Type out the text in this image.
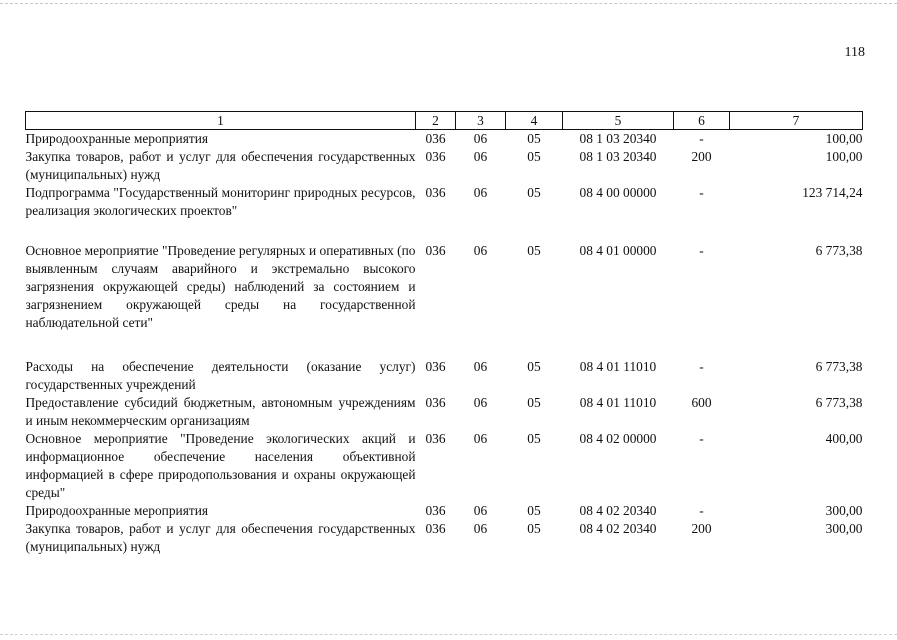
118
1	2	3	4	5	6	7
Природоохранные мероприятия	036	06	05	08 1 03 20340	-	100,00
Закупка товаров, работ и услуг для обеспечения государственных (муниципальных) нужд	036	06	05	08 1 03 20340	200	100,00
Подпрограмма "Государственный мониторинг природных ресурсов, реализация экологических проектов"	036	06	05	08 4 00 00000	-	123 714,24
Основное мероприятие "Проведение регулярных и оперативных (по выявленным случаям аварийного и экстремально высокого загрязнения окружающей среды) наблюдений за состоянием и загрязнением окружающей среды на государственной наблюдательной сети"	036	06	05	08 4 01 00000	-	6 773,38
Расходы на обеспечение деятельности (оказание услуг) государственных учреждений	036	06	05	08 4 01 11010	-	6 773,38
Предоставление субсидий бюджетным, автономным учреждениям и иным некоммерческим организациям	036	06	05	08 4 01 11010	600	6 773,38
Основное мероприятие "Проведение экологических акций и информационное обеспечение населения объективной информацией в сфере природопользования и охраны окружающей среды"	036	06	05	08 4 02 00000	-	400,00
Природоохранные мероприятия	036	06	05	08 4 02 20340	-	300,00
Закупка товаров, работ и услуг для обеспечения государственных (муниципальных) нужд	036	06	05	08 4 02 20340	200	300,00
